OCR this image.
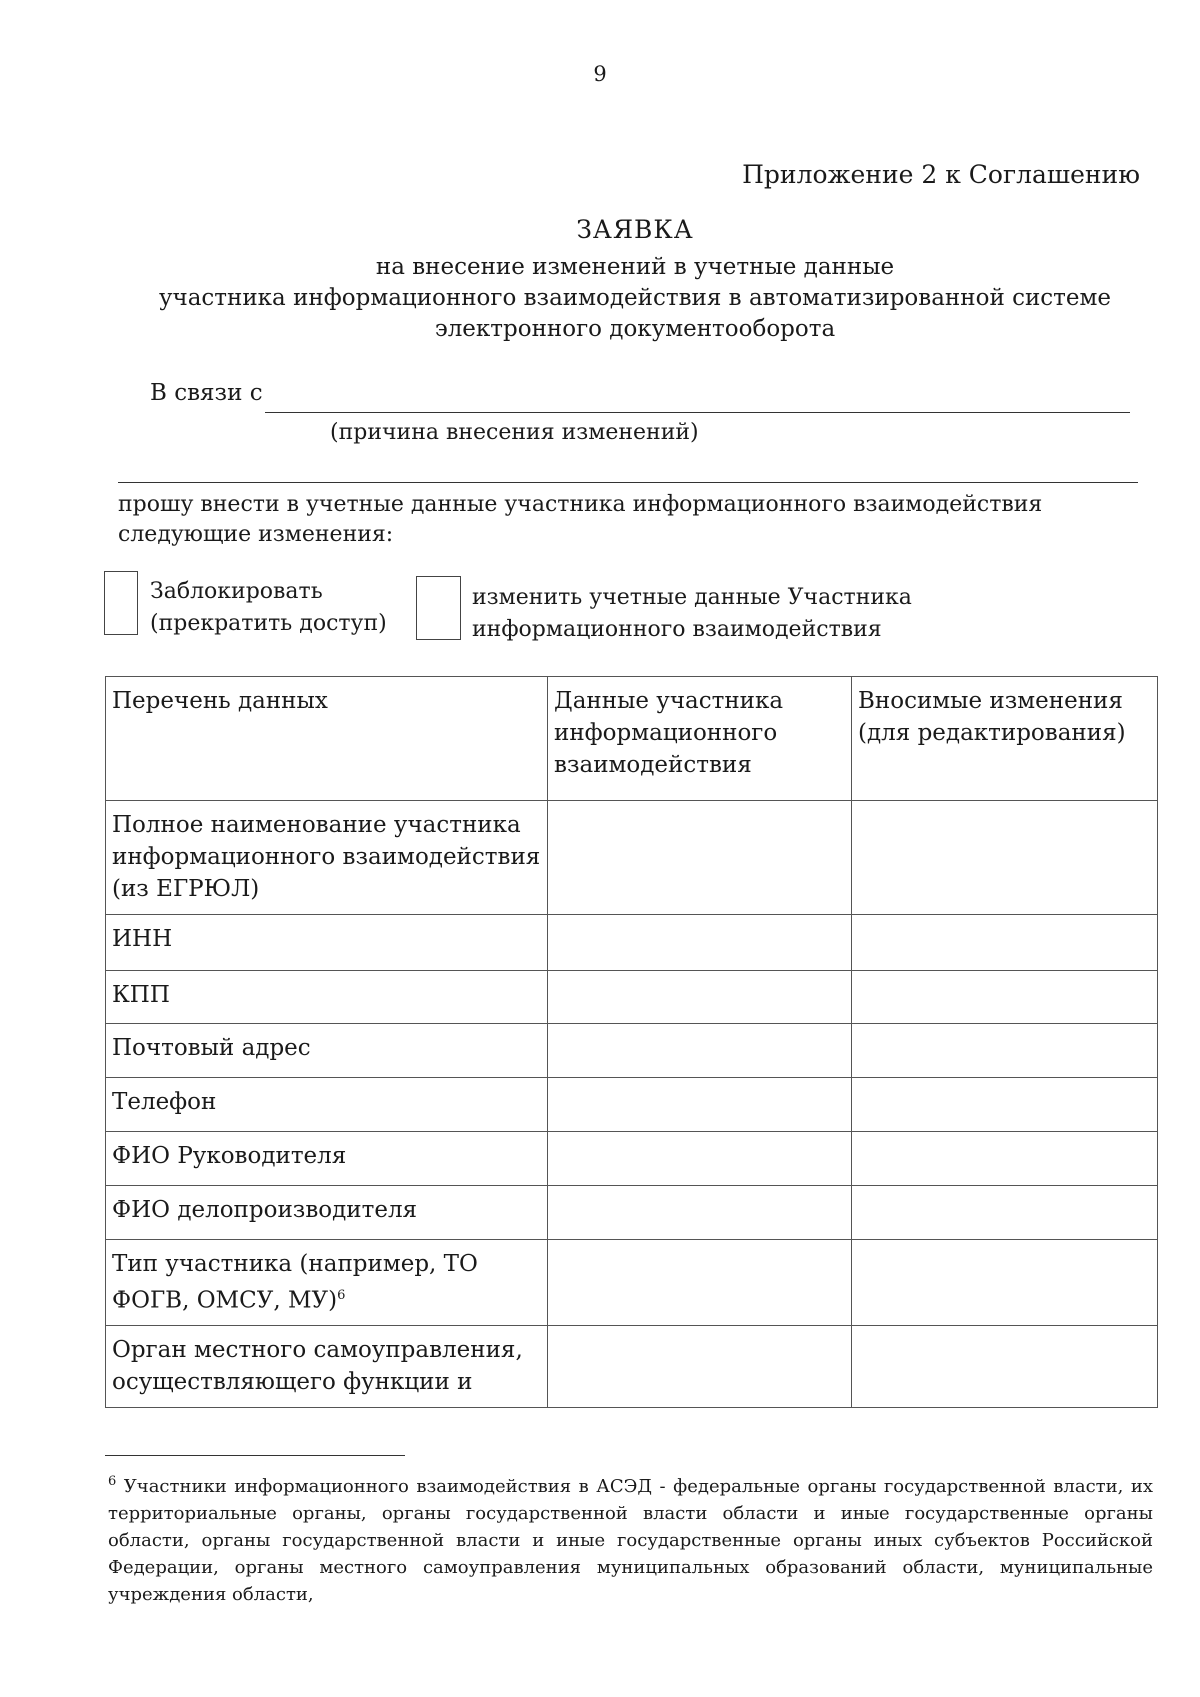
9
Приложение 2 к Соглашению
ЗАЯВКА
на внесение изменений в учетные данные
участника информационного взаимодействия в автоматизированной системе
электронного документооборота
В связи с
(причина внесения изменений)
прошу внести в учетные данные участника информационного взаимодействия следующие изменения:
Заблокировать
(прекратить доступ)
изменить учетные данные Участника
информационного взаимодействия
Перечень данных	Данные участника информационного взаимодействия	Вносимые изменения (для редактирования)
Полное наименование участника информационного взаимодействия (из ЕГРЮЛ)		
ИНН		
КПП		
Почтовый адрес		
Телефон		
ФИО Руководителя		
ФИО делопроизводителя		
Тип участника (например, ТО ФОГВ, ОМСУ, МУ)$^6$		
Орган местного самоуправления, осуществляющего функции и		
$^6$ Участники информационного взаимодействия в АСЭД - федеральные органы государственной власти, их территориальные органы, органы государственной власти области и иные государственные органы области, органы государственной власти и иные государственные органы иных субъектов Российской Федерации, органы местного самоуправления муниципальных образований области, муниципальные учреждения области,
